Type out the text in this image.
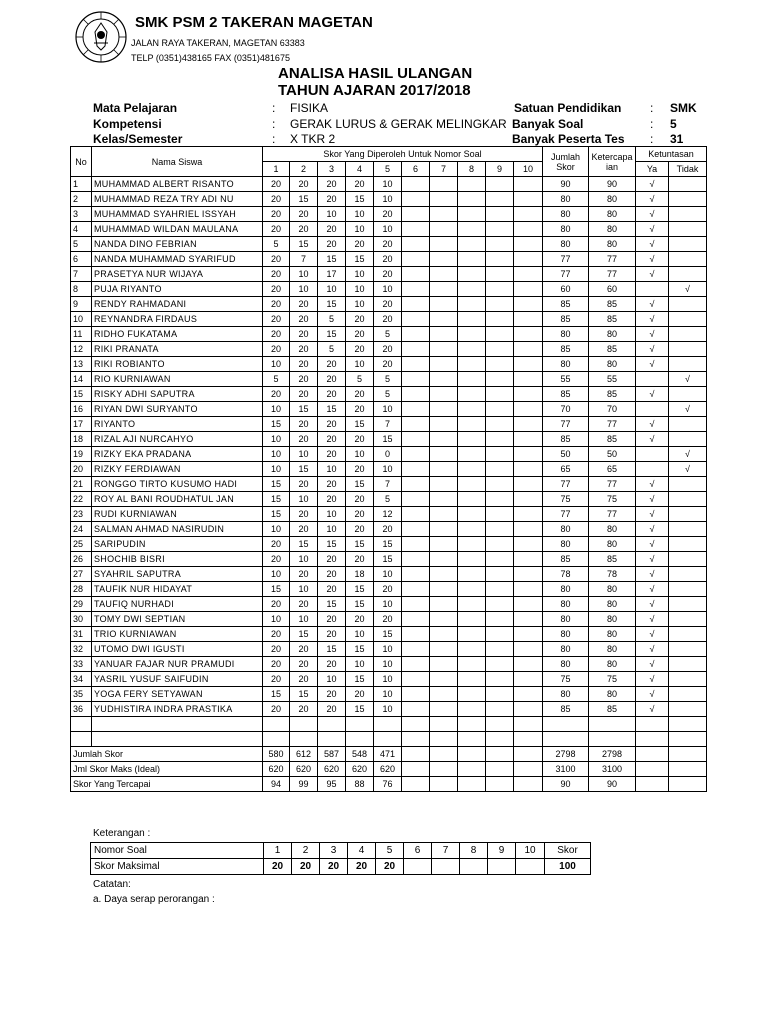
SMK PSM 2 TAKERAN MAGETAN
JALAN RAYA TAKERAN, MAGETAN 63383
TELP (0351)438165 FAX (0351)481675
ANALISA HASIL ULANGAN
TAHUN AJARAN 2017/2018
Mata Pelajaran	: FISIKA
Kompetensi	: GERAK LURUS & GERAK MELINGKAR
Kelas/Semester	: X TKR 2
Satuan Pendidikan : SMK
Banyak Soal	: 5
Banyak Peserta Tes : 31
No	Nama Siswa	Skor Yang Diperoleh Untuk Nomor Soal										Jumlah Skor	Ketercapaian	Ketuntasan	
		1	2	3	4	5	6	7	8	9	10			Ya	Tidak
1	MUHAMMAD ALBERT RISANTO	20	20	20	20	10						90	90	√	
2	MUHAMMAD REZA TRY ADI NU	20	15	20	15	10						80	80	√	
3	MUHAMMAD SYAHRIEL ISSYAH	20	20	10	10	20						80	80	√	
4	MUHAMMAD WILDAN MAULANA	20	20	20	10	10						80	80	√	
5	NANDA DINO FEBRIAN	5	15	20	20	20						80	80	√	
6	NANDA MUHAMMAD SYARIFUD	20	7	15	15	20						77	77	√	
7	PRASETYA NUR WIJAYA	20	10	17	10	20						77	77	√	
8	PUJA RIYANTO	20	10	10	10	10						60	60		√
9	RENDY RAHMADANI	20	20	15	10	20						85	85	√	
10	REYNANDRA FIRDAUS	20	20	5	20	20						85	85	√	
11	RIDHO FUKATAMA	20	20	15	20	5						80	80	√	
12	RIKI PRANATA	20	20	5	20	20						85	85	√	
13	RIKI ROBIANTO	10	20	20	10	20						80	80	√	
14	RIO KURNIAWAN	5	20	20	5	5						55	55		√
15	RISKY ADHI SAPUTRA	20	20	20	20	5						85	85	√	
16	RIYAN DWI SURYANTO	10	15	15	20	10						70	70		√
17	RIYANTO	15	20	20	15	7						77	77	√	
18	RIZAL AJI NURCAHYO	10	20	20	20	15						85	85	√	
19	RIZKY EKA PRADANA	10	10	20	10	0						50	50		√
20	RIZKY FERDIAWAN	10	15	10	20	10						65	65		√
21	RONGGO TIRTO KUSUMO HADI	15	20	20	15	7						77	77	√	
22	ROY AL BANI ROUDHATUL JAN	15	10	20	20	5						75	75	√	
23	RUDI KURNIAWAN	15	20	10	20	12						77	77	√	
24	SALMAN AHMAD NASIRUDIN	10	20	10	20	20						80	80	√	
25	SARIPUDIN	20	15	15	15	15						80	80	√	
26	SHOCHIB BISRI	20	10	20	20	15						85	85	√	
27	SYAHRIL SAPUTRA	10	20	20	18	10						78	78	√	
28	TAUFIK NUR HIDAYAT	15	10	20	15	20						80	80	√	
29	TAUFIQ NURHADI	20	20	15	15	10						80	80	√	
30	TOMY DWI SEPTIAN	10	10	20	20	20						80	80	√	
31	TRIO KURNIAWAN	20	15	20	10	15						80	80	√	
32	UTOMO DWI IGUSTI	20	20	15	15	10						80	80	√	
33	YANUAR FAJAR NUR PRAMUDI	20	20	20	10	10						80	80	√	
34	YASRIL YUSUF SAIFUDIN	20	20	10	15	10						75	75	√	
35	YOGA FERY SETYAWAN	15	15	20	20	10						80	80	√	
36	YUDHISTIRA INDRA PRASTIKA	20	20	20	15	10						85	85	√	

Jumlah Skor		580	612	587	548	471						2798	2798		
Jml Skor Maks (Ideal)		620	620	620	620	620						3100	3100		
Skor Yang Tercapai		94	99	95	88	76						90	90		
Keterangan :
Nomor Soal	1	2	3	4	5	6	7	8	9	10	Skor
Skor Maksimal	20	20	20	20	20						100
Catatan:
a. Daya serap perorangan :
